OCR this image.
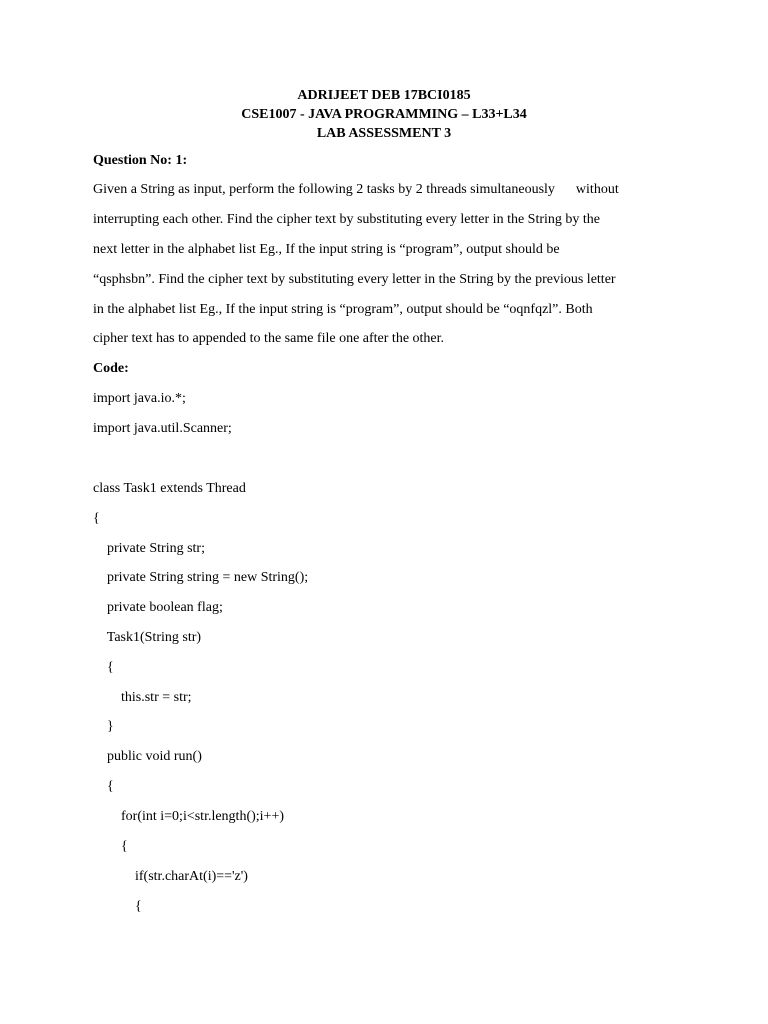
ADRIJEET DEB 17BCI0185
CSE1007 - JAVA PROGRAMMING – L33+L34
LAB ASSESSMENT 3
Question No: 1:
Given a String as input, perform the following 2 tasks by 2 threads simultaneously      without
interrupting each other. Find the cipher text by substituting every letter in the String by the
next letter in the alphabet list Eg., If the input string is “program”, output should be
“qsphsbn”. Find the cipher text by substituting every letter in the String by the previous letter
in the alphabet list Eg., If the input string is “program”, output should be “oqnfqzl”. Both
cipher text has to appended to the same file one after the other.
Code:
import java.io.*;
import java.util.Scanner;
class Task1 extends Thread
{
private String str;
private String string = new String();
private boolean flag;
Task1(String str)
{
this.str = str;
}
public void run()
{
for(int i=0;i<str.length();i++)
{
if(str.charAt(i)=='z')
{
